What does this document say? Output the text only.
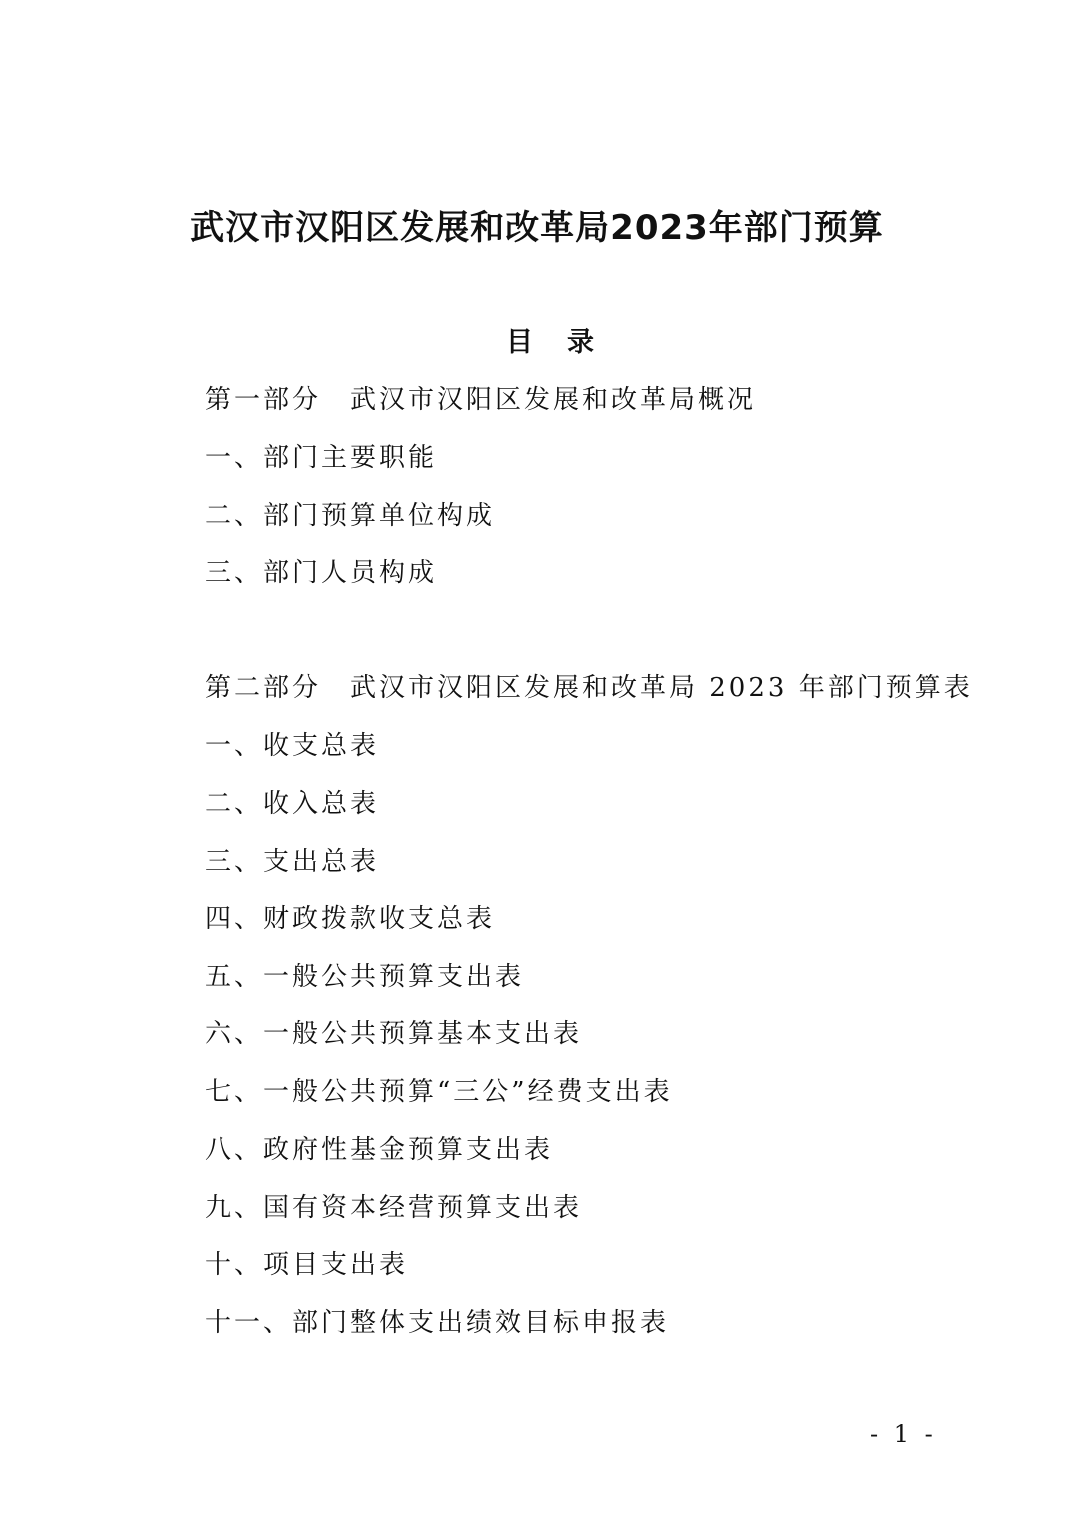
武汉市汉阳区发展和改革局2023年部门预算
目 录
第一部分　武汉市汉阳区发展和改革局概况
一、部门主要职能
二、部门预算单位构成
三、部门人员构成
第二部分　武汉市汉阳区发展和改革局 2023 年部门预算表
一、收支总表
二、收入总表
三、支出总表
四、财政拨款收支总表
五、一般公共预算支出表
六、一般公共预算基本支出表
七、一般公共预算“三公”经费支出表
八、政府性基金预算支出表
九、国有资本经营预算支出表
十、项目支出表
十一、部门整体支出绩效目标申报表
- 1 -
